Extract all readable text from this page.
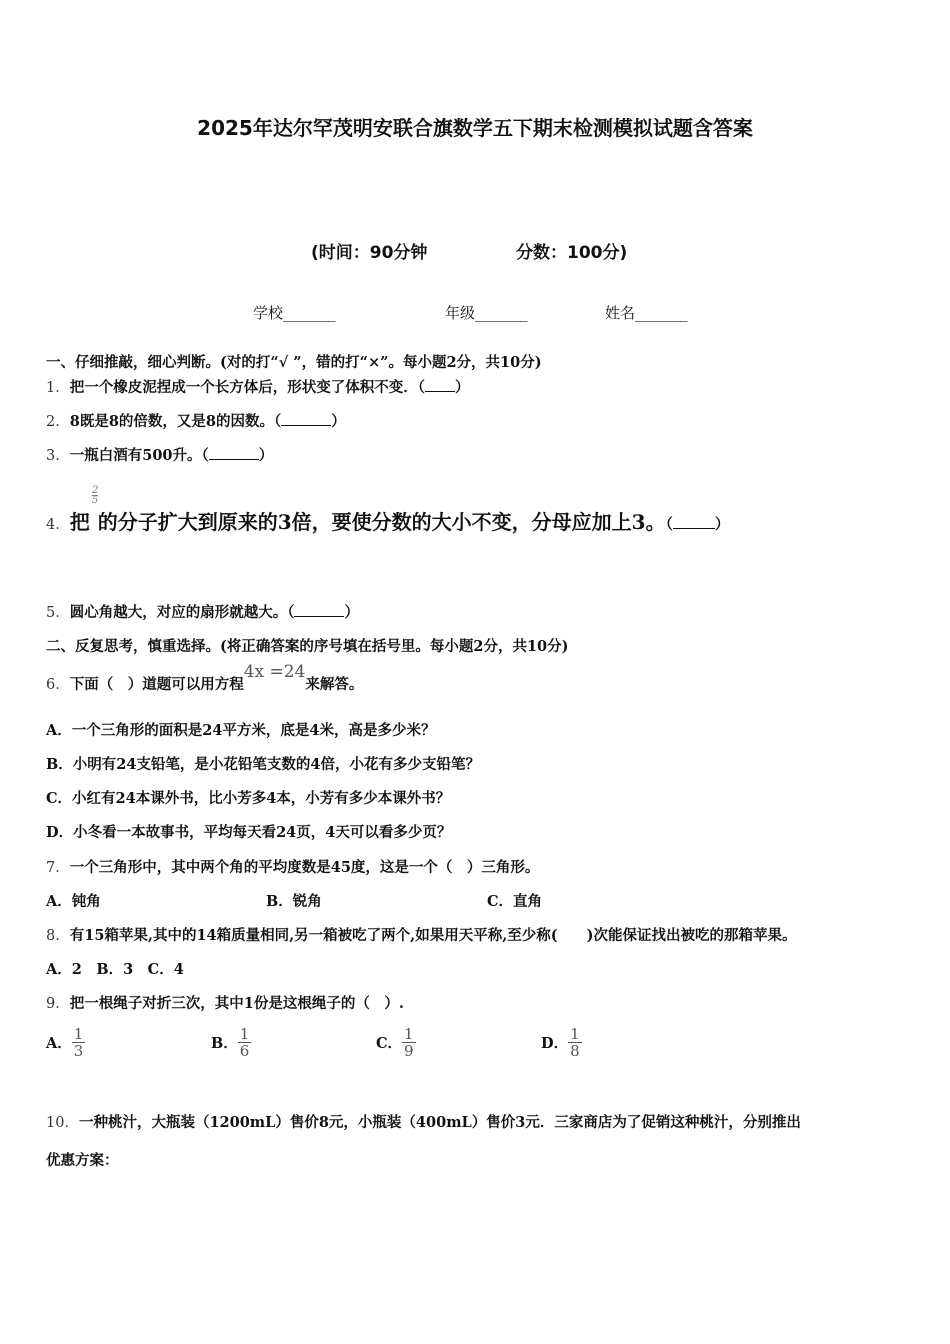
2025年达尔罕茂明安联合旗数学五下期末检测模拟试题含答案
(时间：90分钟	分数：100分)
学校_______	年级_______	姓名_______
一、仔细推敲，细心判断。(对的打“√ ”，错的打“×”。每小题2分，共10分)
1．把一个橡皮泥捏成一个长方体后，形状变了体积不变．（ ）
2．8既是8的倍数，又是8的因数。（	）
3．一瓶白酒有500升。（	）
$\frac{2}{5}$
4．把 的分子扩大到原来的3倍，要使分数的大小不变，分母应加上3。（	）
5．圆心角越大，对应的扇形就越大。（	）
二、反复思考，慎重选择。(将正确答案的序号填在括号里。每小题2分，共10分)
6．下面（　）道题可以用方程4x =24来解答。
A．一个三角形的面积是24平方米，底是4米，高是多少米？
B．小明有24支铅笔，是小花铅笔支数的4倍，小花有多少支铅笔？
C．小红有24本课外书，比小芳多4本，小芳有多少本课外书？
D．小冬看一本故事书，平均每天看24页，4天可以看多少页？
7．一个三角形中，其中两个角的平均度数是45度，这是一个（　）三角形。
A．钝角	B．锐角	C．直角
8．有15箱苹果,其中的14箱质量相同,另一箱被吃了两个,如果用天平称,至少称(　　)次能保证找出被吃的那箱苹果。
A．2　B．3　C．4
9．把一根绳子对折三次，其中1份是这根绳子的（　）.
A． $\frac{1}{3}$	B． $\frac{1}{6}$	C． $\frac{1}{9}$	D． $\frac{1}{8}$
10．一种桃汁，大瓶装（1200mL）售价8元，小瓶装（400mL）售价3元．三家商店为了促销这种桃汁，分别推出
优惠方案：
